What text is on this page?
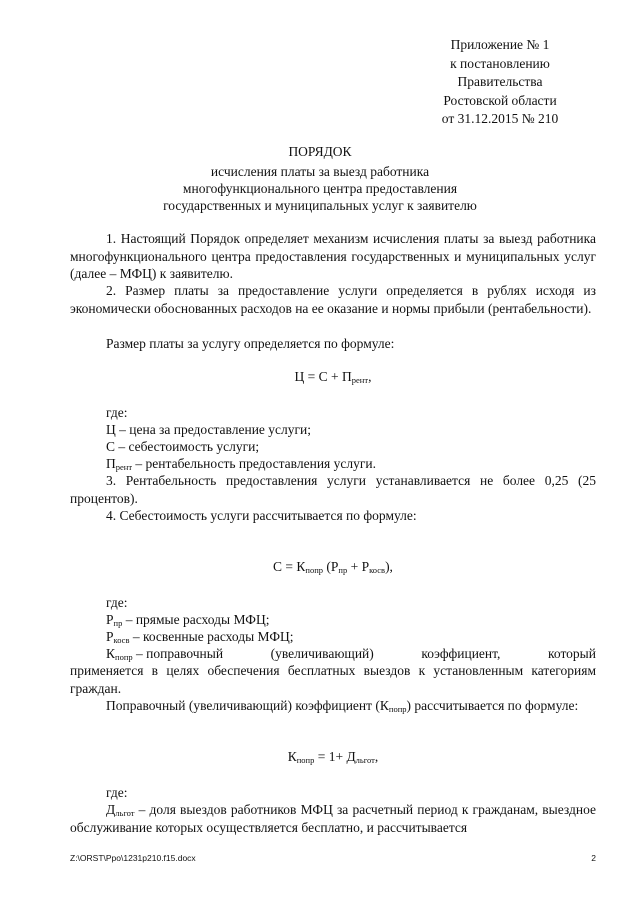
Приложение № 1
к постановлению
Правительства
Ростовской области
от 31.12.2015 № 210
ПОРЯДОК
исчисления платы за выезд работника
многофункционального центра предоставления
государственных и муниципальных услуг к заявителю
1. Настоящий Порядок определяет механизм исчисления платы за выезд работника многофункционального центра предоставления государственных и муниципальных услуг (далее – МФЦ) к заявителю.
2. Размер платы за предоставление услуги определяется в рублях исходя из экономически обоснованных расходов на ее оказание и нормы прибыли (рентабельности).
Размер платы за услугу определяется по формуле:
$Ц = С + П_{рент}$,
где:
Ц – цена за предоставление услуги;
С – себестоимость услуги;
$П_{рент}$ – рентабельность предоставления услуги.
3. Рентабельность предоставления услуги устанавливается не более 0,25 (25 процентов).
4. Себестоимость услуги рассчитывается по формуле:
$С = К_{попр}$ $(Р_{пр} + Р_{косв})$,
где:
$Р_{пр}$ – прямые расходы МФЦ;
$Р_{косв}$ – косвенные расходы МФЦ;
$К_{попр}$ – поправочный	(увеличивающий)	коэффициент,	который
применяется в целях обеспечения бесплатных выездов к установленным категориям граждан.
Поправочный (увеличивающий) коэффициент $(К_{попр})$ рассчитывается по формуле:
$К_{попр} = 1+ Д_{льгот}$,
где:
$Д_{льгот}$ – доля выездов работников МФЦ за расчетный период к гражданам, выездное обслуживание которых осуществляется бесплатно, и рассчитывается
Z:\ORST\Ppo\1231p210.f15.docx	2
